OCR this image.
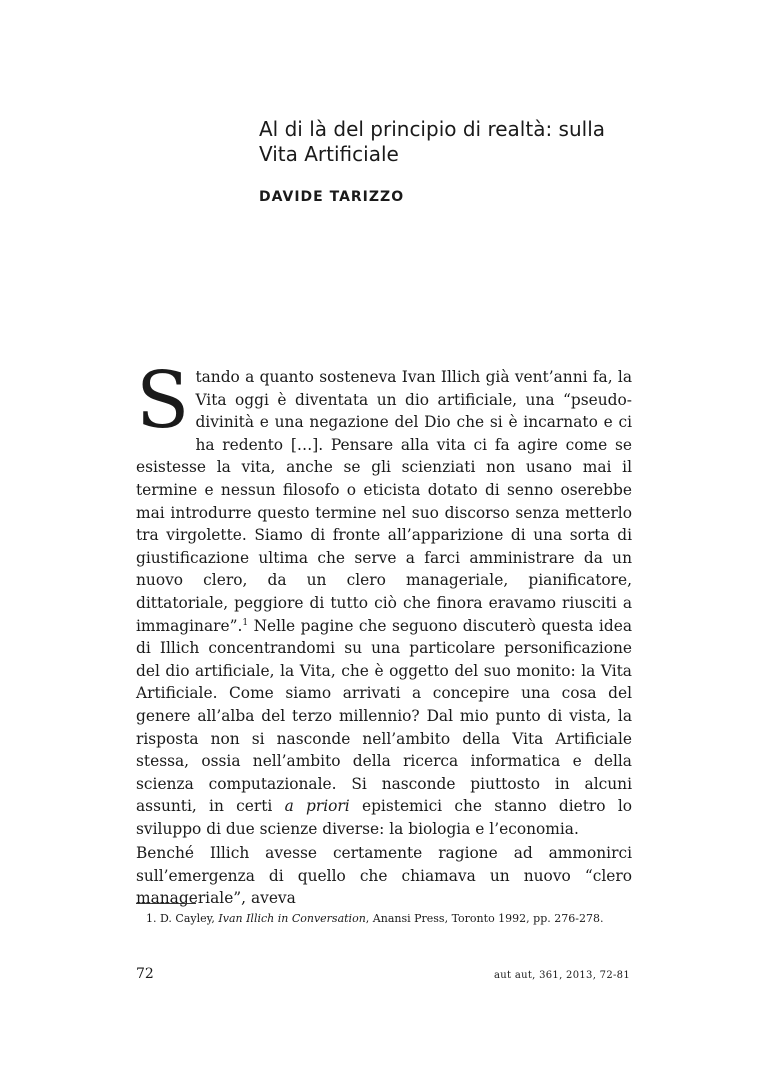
Al di là del principio di realtà: sulla
Vita Artificiale
DAVIDE TARIZZO

Stando a quanto sosteneva Ivan Illich già vent’anni fa, la Vita oggi è diventata un dio artificiale, una “pseudo-divinità e una negazione del Dio che si è incarnato e ci ha redento […]. Pensare alla vita ci fa agire come se esistesse la vita, anche se gli scienziati non usano mai il termine e nessun filosofo o eticista dotato di senno oserebbe mai introdurre questo termine nel suo discorso senza metterlo tra virgolette. Siamo di fronte all’apparizione di una sorta di giustificazione ultima che serve a farci amministrare da un nuovo clero, da un clero manageriale, pianificatore, dittatoriale, peggiore di tutto ciò che finora eravamo riusciti a immaginare”.$^1$ Nelle pagine che seguono discuterò questa idea di Illich concentrandomi su una particolare personificazione del dio artificiale, la Vita, che è oggetto del suo monito: la Vita Artificiale. Come siamo arrivati a concepire una cosa del genere all’alba del terzo millennio? Dal mio punto di vista, la risposta non si nasconde nell’ambito della Vita Artificiale stessa, ossia nell’ambito della ricerca informatica e della scienza computazionale. Si nasconde piuttosto in alcuni assunti, in certi a priori epistemici che stanno dietro lo sviluppo di due scienze diverse: la biologia e l’economia.

Benché Illich avesse certamente ragione ad ammonirci sull’emergenza di quello che chiamava un nuovo “clero manageriale”, aveva

1. D. Cayley, Ivan Illich in Conversation, Anansi Press, Toronto 1992, pp. 276-278.

72	aut aut, 361, 2013, 72-81
